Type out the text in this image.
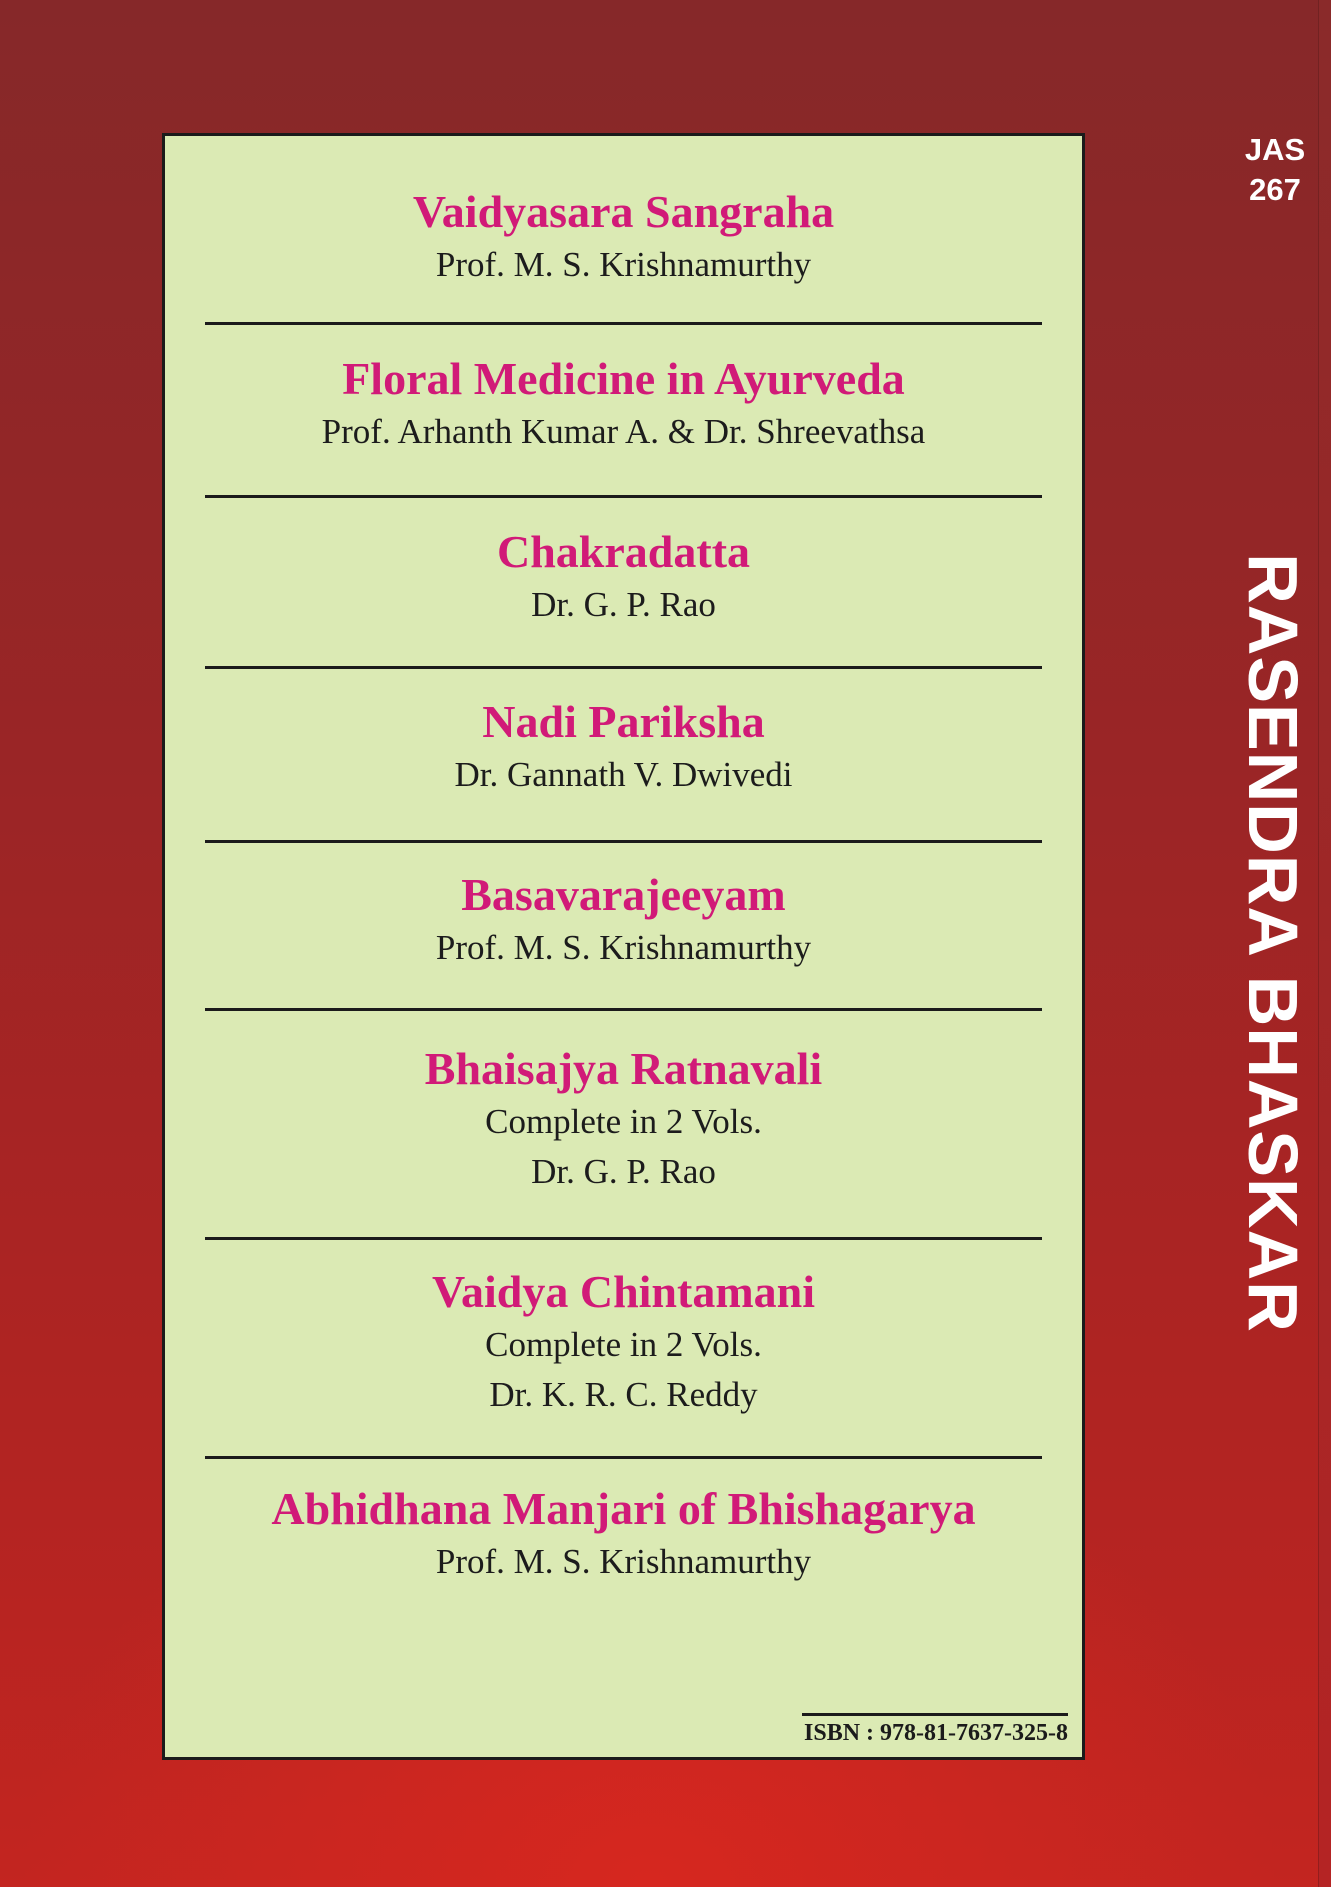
Vaidyasara Sangraha
Prof. M. S. Krishnamurthy
Floral Medicine in Ayurveda
Prof. Arhanth Kumar A. & Dr. Shreevathsa
Chakradatta
Dr. G. P. Rao
Nadi Pariksha
Dr. Gannath V. Dwivedi
Basavarajeeyam
Prof. M. S. Krishnamurthy
Bhaisajya Ratnavali
Complete in 2 Vols.
Dr. G. P. Rao
Vaidya Chintamani
Complete in 2 Vols.
Dr. K. R. C. Reddy
Abhidhana Manjari of Bhishagarya
Prof. M. S. Krishnamurthy
ISBN : 978-81-7637-325-8
JAS
267
RASENDRA BHASKAR
